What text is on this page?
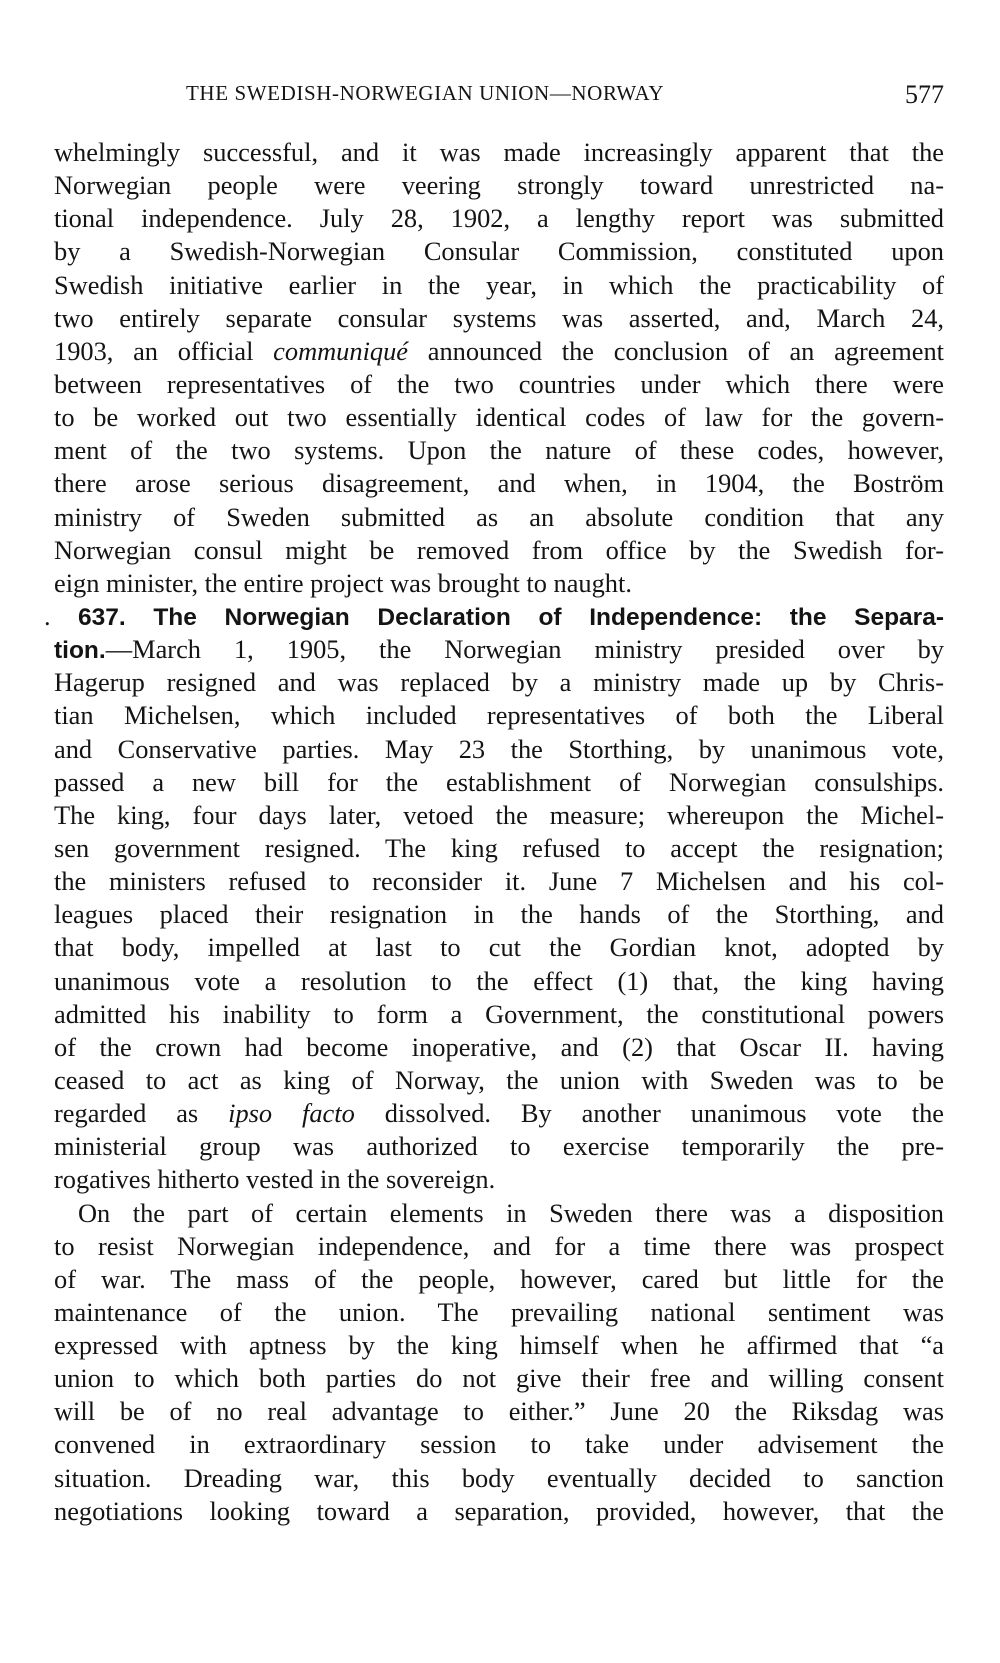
THE SWEDISH-NORWEGIAN UNION—NORWAY	577
whelmingly successful, and it was made increasingly apparent that the
Norwegian people were veering strongly toward unrestricted na-
tional independence. July 28, 1902, a lengthy report was submitted
by a Swedish-Norwegian Consular Commission, constituted upon
Swedish initiative earlier in the year, in which the practicability of
two entirely separate consular systems was asserted, and, March 24,
1903, an official communiqué announced the conclusion of an agreement
between representatives of the two countries under which there were
to be worked out two essentially identical codes of law for the govern-
ment of the two systems. Upon the nature of these codes, however,
there arose serious disagreement, and when, in 1904, the Boström
ministry of Sweden submitted as an absolute condition that any
Norwegian consul might be removed from office by the Swedish for-
eign minister, the entire project was brought to naught.
. 637. The Norwegian Declaration of Independence: the Separa-
tion.—March 1, 1905, the Norwegian ministry presided over by
Hagerup resigned and was replaced by a ministry made up by Chris-
tian Michelsen, which included representatives of both the Liberal
and Conservative parties. May 23 the Storthing, by unanimous vote,
passed a new bill for the establishment of Norwegian consulships.
The king, four days later, vetoed the measure; whereupon the Michel-
sen government resigned. The king refused to accept the resignation;
the ministers refused to reconsider it. June 7 Michelsen and his col-
leagues placed their resignation in the hands of the Storthing, and
that body, impelled at last to cut the Gordian knot, adopted by
unanimous vote a resolution to the effect (1) that, the king having
admitted his inability to form a Government, the constitutional powers
of the crown had become inoperative, and (2) that Oscar II. having
ceased to act as king of Norway, the union with Sweden was to be
regarded as ipso facto dissolved. By another unanimous vote the
ministerial group was authorized to exercise temporarily the pre-
rogatives hitherto vested in the sovereign.
On the part of certain elements in Sweden there was a disposition
to resist Norwegian independence, and for a time there was prospect
of war. The mass of the people, however, cared but little for the
maintenance of the union. The prevailing national sentiment was
expressed with aptness by the king himself when he affirmed that “a
union to which both parties do not give their free and willing consent
will be of no real advantage to either.” June 20 the Riksdag was
convened in extraordinary session to take under advisement the
situation. Dreading war, this body eventually decided to sanction
negotiations looking toward a separation, provided, however, that the
